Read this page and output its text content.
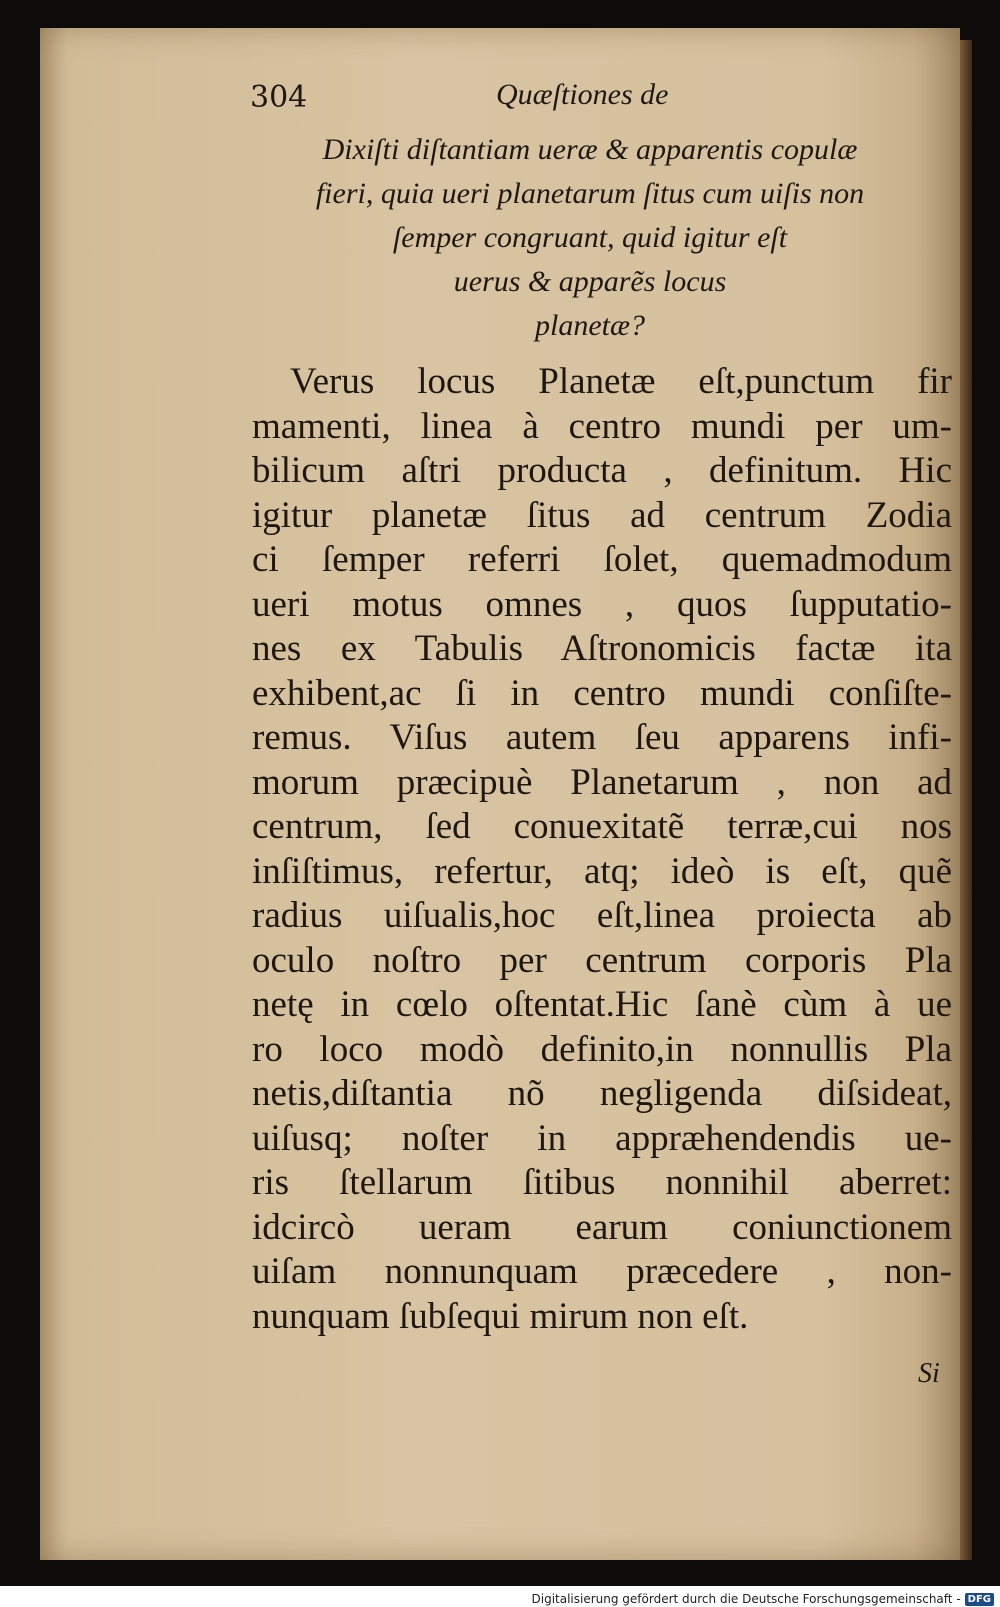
304	Quæſtiones de
Dixiſti diſtantiam ueræ & apparentis copulæ
fieri, quia ueri planetarum ſitus cum uiſis non
ſemper congruant, quid igitur eſt
uerus & apparẽs locus
planetæ?
Verus locus Planetæ eſt,punctum fir
mamenti, linea à centro mundi per um-
bilicum aſtri producta , definitum. Hic
igitur planetæ ſitus ad centrum Zodia
ci ſemper referri ſolet, quemadmodum
ueri motus omnes , quos ſupputatio-
nes ex Tabulis Aſtronomicis factæ ita
exhibent,ac ſi in centro mundi conſiſte-
remus. Viſus autem ſeu apparens infi-
morum præcipuè Planetarum , non ad
centrum, ſed conuexitatẽ terræ,cui nos
inſiſtimus, refertur, atq; ideò is eſt, quẽ
radius uiſualis,hoc eſt,linea proiecta ab
oculo noſtro per centrum corporis Pla
netę in cœlo oſtentat.Hic ſanè cùm à ue
ro loco modò definito,in nonnullis Pla
netis,diſtantia nõ negligenda diſsideat,
uiſusq; noſter in appræhendendis ue-
ris ſtellarum ſitibus nonnihil aberret:
idcircò ueram earum coniunctionem
uiſam nonnunquam præcedere , non-
nunquam ſubſequi mirum non eſt.
Si
Digitalisierung gefördert durch die Deutsche Forschungsgemeinschaft - DFG
